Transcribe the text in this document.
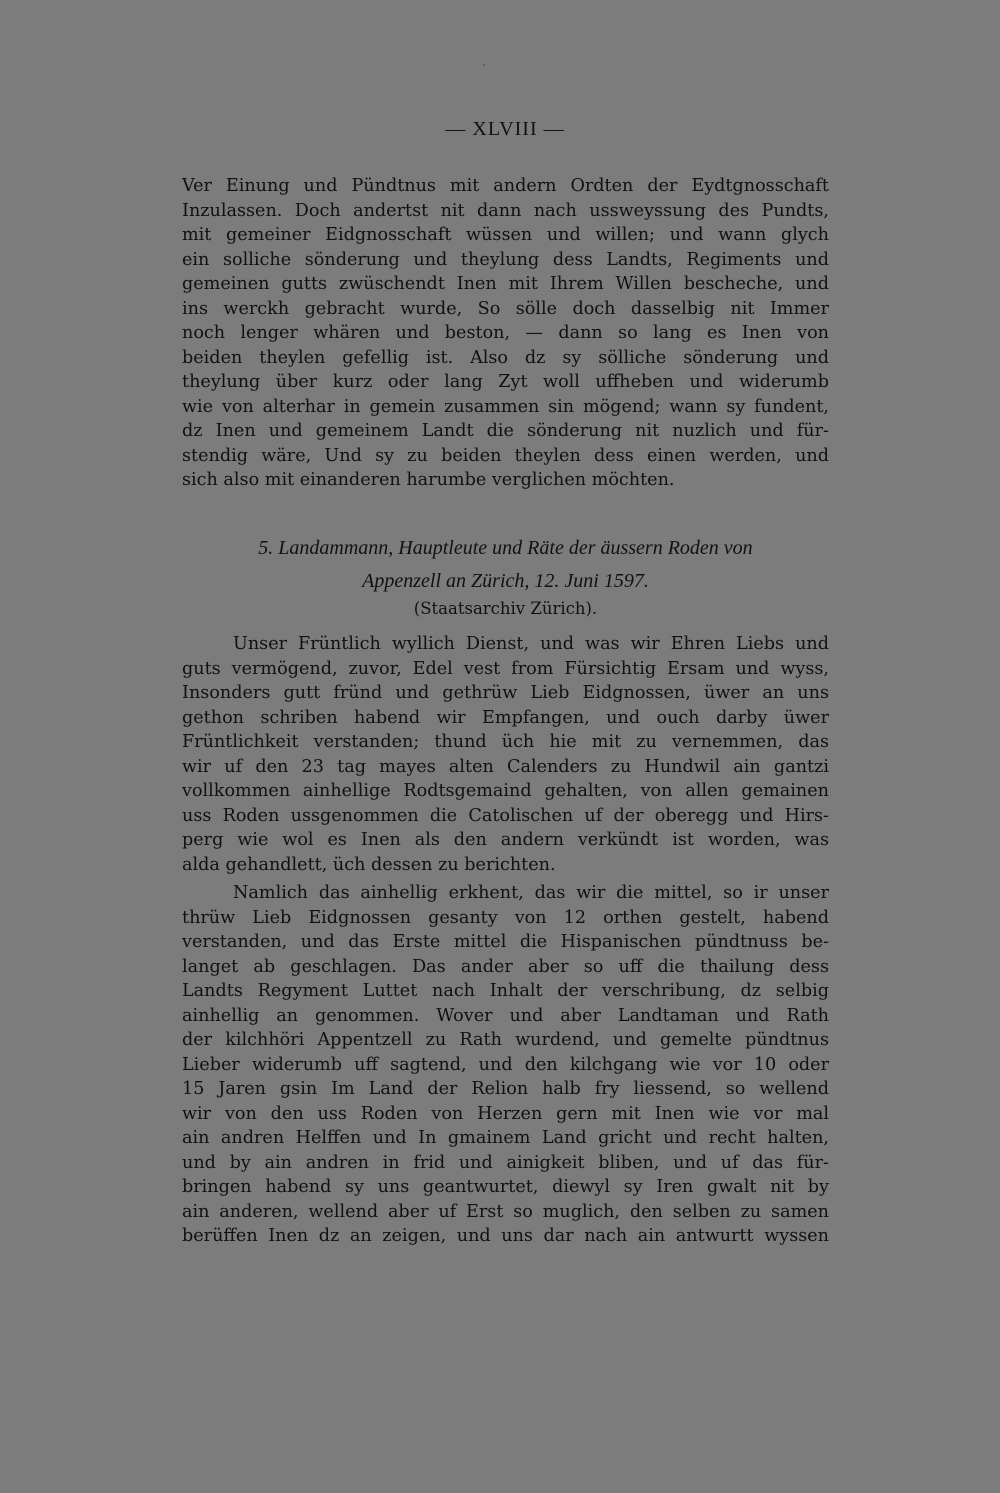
— XLVIII —
Ver Einung und Pündtnus mit andern Ordten der Eydtgnosschaft
Inzulassen. Doch andertst nit dann nach ussweyssung des Pundts,
mit gemeiner Eidgnosschaft wüssen und willen; und wann glych
ein solliche sönderung und theylung dess Landts, Regiments und
gemeinen gutts zwüschendt Inen mit Ihrem Willen bescheche, und
ins werckh gebracht wurde, So sölle doch dasselbig nit Immer
noch lenger whären und beston, — dann so lang es Inen von
beiden theylen gefellig ist. Also dz sy sölliche sönderung und
theylung über kurz oder lang Zyt woll uffheben und widerumb
wie von alterhar in gemein zusammen sin mögend; wann sy fundent,
dz Inen und gemeinem Landt die sönderung nit nuzlich und für-
stendig wäre, Und sy zu beiden theylen dess einen werden, und
sich also mit einanderen harumbe verglichen möchten.
5. Landammann, Hauptleute und Räte der äussern Roden von
Appenzell an Zürich, 12. Juni 1597.
(Staatsarchiv Zürich).
Unser Früntlich wyllich Dienst, und was wir Ehren Liebs und
guts vermögend, zuvor, Edel vest from Fürsichtig Ersam und wyss,
Insonders gutt fründ und gethrüw Lieb Eidgnossen, üwer an uns
gethon schriben habend wir Empfangen, und ouch darby üwer
Früntlichkeit verstanden; thund üch hie mit zu vernemmen, das
wir uf den 23 tag mayes alten Calenders zu Hundwil ain gantzi
vollkommen ainhellige Rodtsgemaind gehalten, von allen gemainen
uss Roden ussgenommen die Catolischen uf der oberegg und Hirs-
perg wie wol es Inen als den andern verkündt ist worden, was
alda gehandlett, üch dessen zu berichten.
Namlich das ainhellig erkhent, das wir die mittel, so ir unser
thrüw Lieb Eidgnossen gesanty von 12 orthen gestelt, habend
verstanden, und das Erste mittel die Hispanischen pündtnuss be-
langet ab geschlagen. Das ander aber so uff die thailung dess
Landts Regyment Luttet nach Inhalt der verschribung, dz selbig
ainhellig an genommen. Wover und aber Landtaman und Rath
der kilchhöri Appentzell zu Rath wurdend, und gemelte pündtnus
Lieber widerumb uff sagtend, und den kilchgang wie vor 10 oder
15 Jaren gsin Im Land der Relion halb fry liessend, so wellend
wir von den uss Roden von Herzen gern mit Inen wie vor mal
ain andren Helffen und In gmainem Land gricht und recht halten,
und by ain andren in frid und ainigkeit bliben, und uf das für-
bringen habend sy uns geantwurtet, diewyl sy Iren gwalt nit by
ain anderen, wellend aber uf Erst so muglich, den selben zu samen
berüffen Inen dz an zeigen, und uns dar nach ain antwurtt wyssen
